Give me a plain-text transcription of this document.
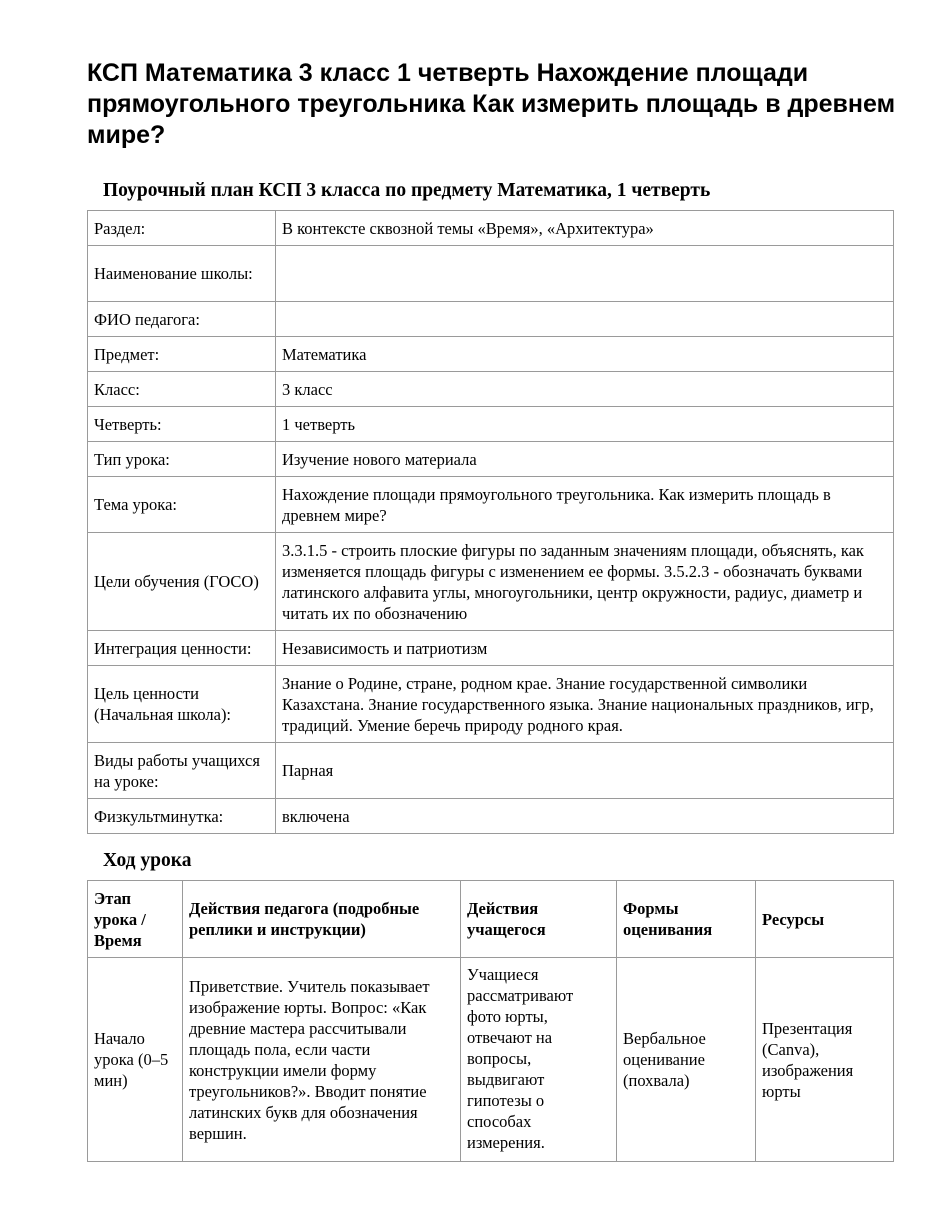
КСП Математика 3 класс 1 четверть Нахождение площади прямоугольного треугольника Как измерить площадь в древнем мире?
Поурочный план КСП 3 класса по предмету Математика, 1 четверть
Раздел:	В контексте сквозной темы «Время», «Архитектура»
Наименование школы:	
ФИО педагога:	
Предмет:	Математика
Класс:	3 класс
Четверть:	1 четверть
Тип урока:	Изучение нового материала
Тема урока:	Нахождение площади прямоугольного треугольника. Как измерить площадь в древнем мире?
Цели обучения (ГОСО)	3.3.1.5 - строить плоские фигуры по заданным значениям площади, объяснять, как изменяется площадь фигуры с изменением ее формы. 3.5.2.3 - обозначать буквами латинского алфавита углы, многоугольники, центр окружности, радиус, диаметр и читать их по обозначению
Интеграция ценности:	Независимость и патриотизм
Цель ценности (Начальная школа):	Знание о Родине, стране, родном крае. Знание государственной символики Казахстана. Знание государственного языка. Знание национальных праздников, игр, традиций. Умение беречь природу родного края.
Виды работы учащихся на уроке:	Парная
Физкультминутка:	включена
Ход урока
Этап урока / Время	Действия педагога (подробные реплики и инструкции)	Действия учащегося	Формы оценивания	Ресурсы
Начало урока (0–5 мин)	Приветствие. Учитель показывает изображение юрты. Вопрос: «Как древние мастера рассчитывали площадь пола, если части конструкции имели форму треугольников?». Вводит понятие латинских букв для обозначения вершин.	Учащиеся рассматривают фото юрты, отвечают на вопросы, выдвигают гипотезы о способах измерения.	Вербальное оценивание (похвала)	Презентация (Canva), изображения юрты
